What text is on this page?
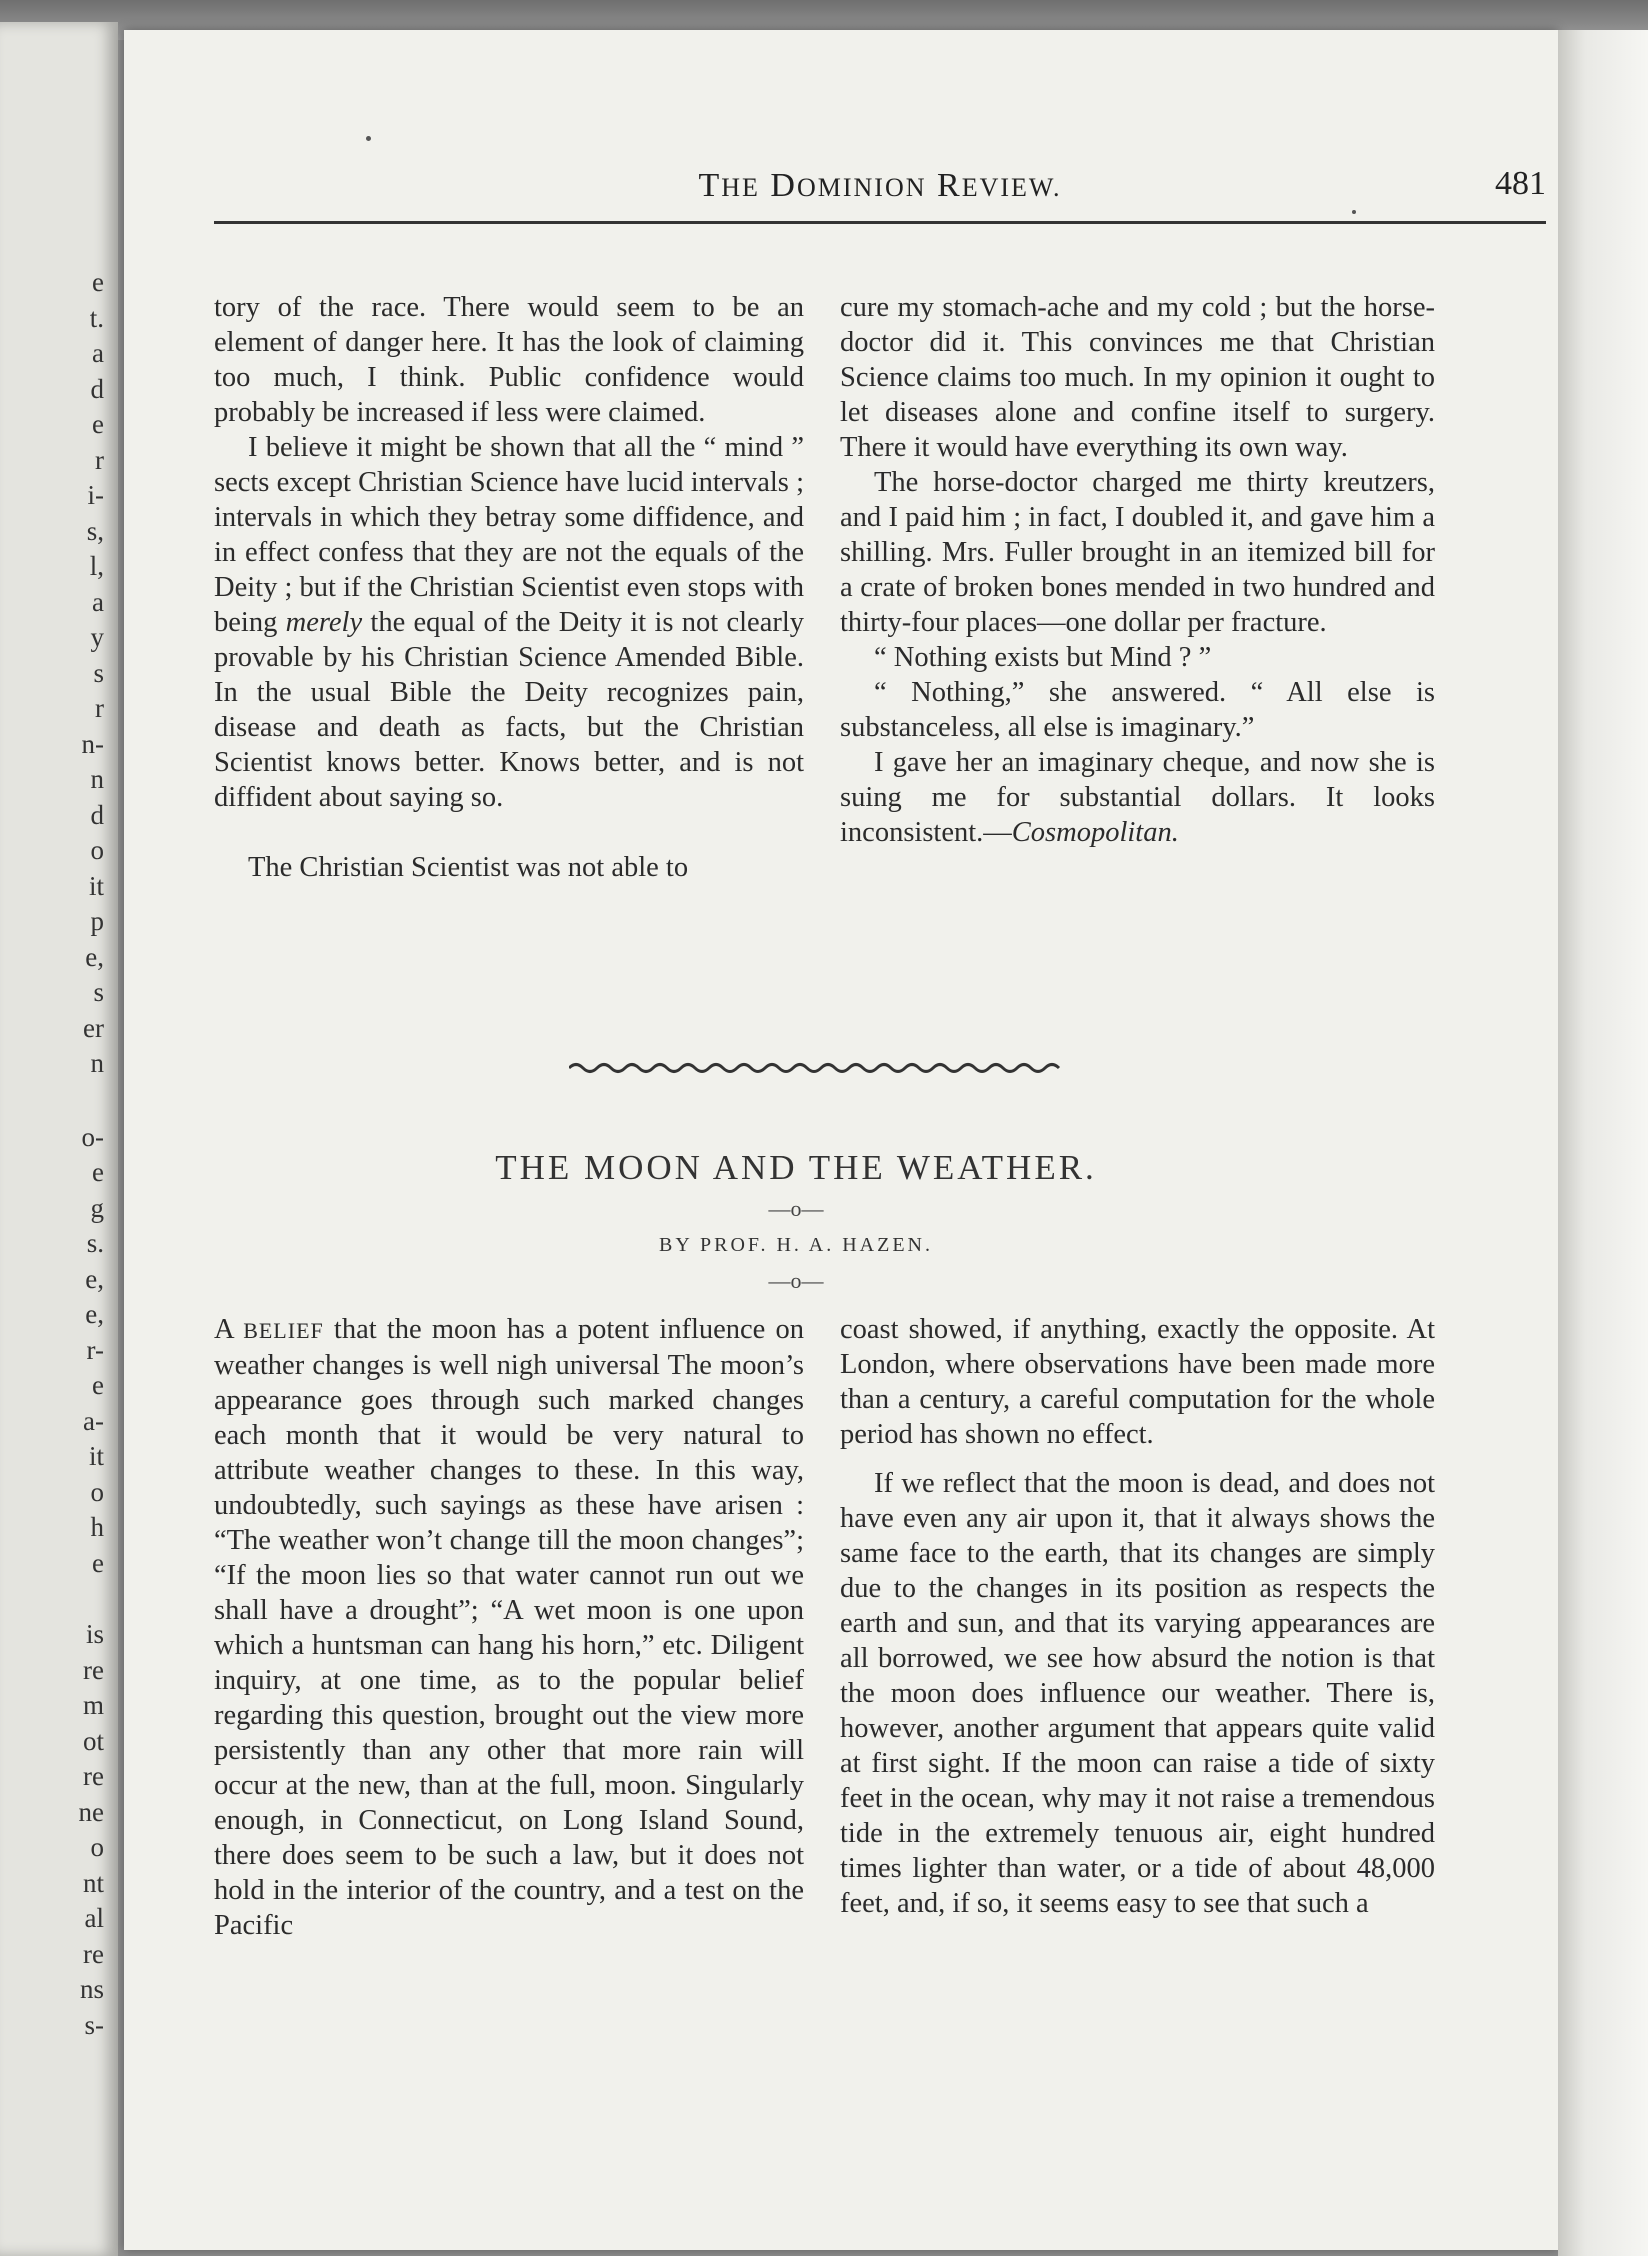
e
t.
a
d
e
r
i-
s,
l,
a
y
s
r
n-
n
d
o
it
p
e,
s
er
n
o-
e
g
s.
e,
e,
r-
e
a-
it
o
h
e
is
re
m
ot
re
ne
o
nt
al
re
ns
s-
THE DOMINION REVIEW.	481

tory of the race. There would seem to be an element of danger here. It has the look of claiming too much, I think. Public confidence would probably be increased if less were claimed.

I believe it might be shown that all the “ mind ” sects except Christian Science have lucid intervals ; intervals in which they betray some diffidence, and in effect confess that they are not the equals of the Deity ; but if the Christian Scientist even stops with being merely the equal of the Deity it is not clearly provable by his Christian Science Amended Bible. In the usual Bible the Deity recognizes pain, disease and death as facts, but the Christian Scientist knows better. Knows better, and is not diffident about saying so.

The Christian Scientist was not able to

cure my stomach-ache and my cold ; but the horse-doctor did it. This convinces me that Christian Science claims too much. In my opinion it ought to let diseases alone and confine itself to surgery. There it would have everything its own way.

The horse-doctor charged me thirty kreutzers, and I paid him ; in fact, I doubled it, and gave him a shilling. Mrs. Fuller brought in an itemized bill for a crate of broken bones mended in two hundred and thirty-four places—one dollar per fracture.

“ Nothing exists but Mind ? ”

“ Nothing,” she answered. “ All else is substanceless, all else is imaginary.”

I gave her an imaginary cheque, and now she is suing me for substantial dollars. It looks inconsistent.—Cosmopolitan.

THE MOON AND THE WEATHER.
—o—
BY PROF. H. A. HAZEN.
—o—

A BELIEF that the moon has a potent influence on weather changes is well nigh universal The moon’s appearance goes through such marked changes each month that it would be very natural to attribute weather changes to these. In this way, undoubtedly, such sayings as these have arisen : “The weather won’t change till the moon changes”; “If the moon lies so that water cannot run out we shall have a drought”; “A wet moon is one upon which a huntsman can hang his horn,” etc. Diligent inquiry, at one time, as to the popular belief regarding this question, brought out the view more persistently than any other that more rain will occur at the new, than at the full, moon. Singularly enough, in Connecticut, on Long Island Sound, there does seem to be such a law, but it does not hold in the interior of the country, and a test on the Pacific

coast showed, if anything, exactly the opposite. At London, where observations have been made more than a century, a careful computation for the whole period has shown no effect.

If we reflect that the moon is dead, and does not have even any air upon it, that it always shows the same face to the earth, that its changes are simply due to the changes in its position as respects the earth and sun, and that its varying appearances are all borrowed, we see how absurd the notion is that the moon does influence our weather. There is, however, another argument that appears quite valid at first sight. If the moon can raise a tide of sixty feet in the ocean, why may it not raise a tremendous tide in the extremely tenuous air, eight hundred times lighter than water, or a tide of about 48,000 feet, and, if so, it seems easy to see that such a
